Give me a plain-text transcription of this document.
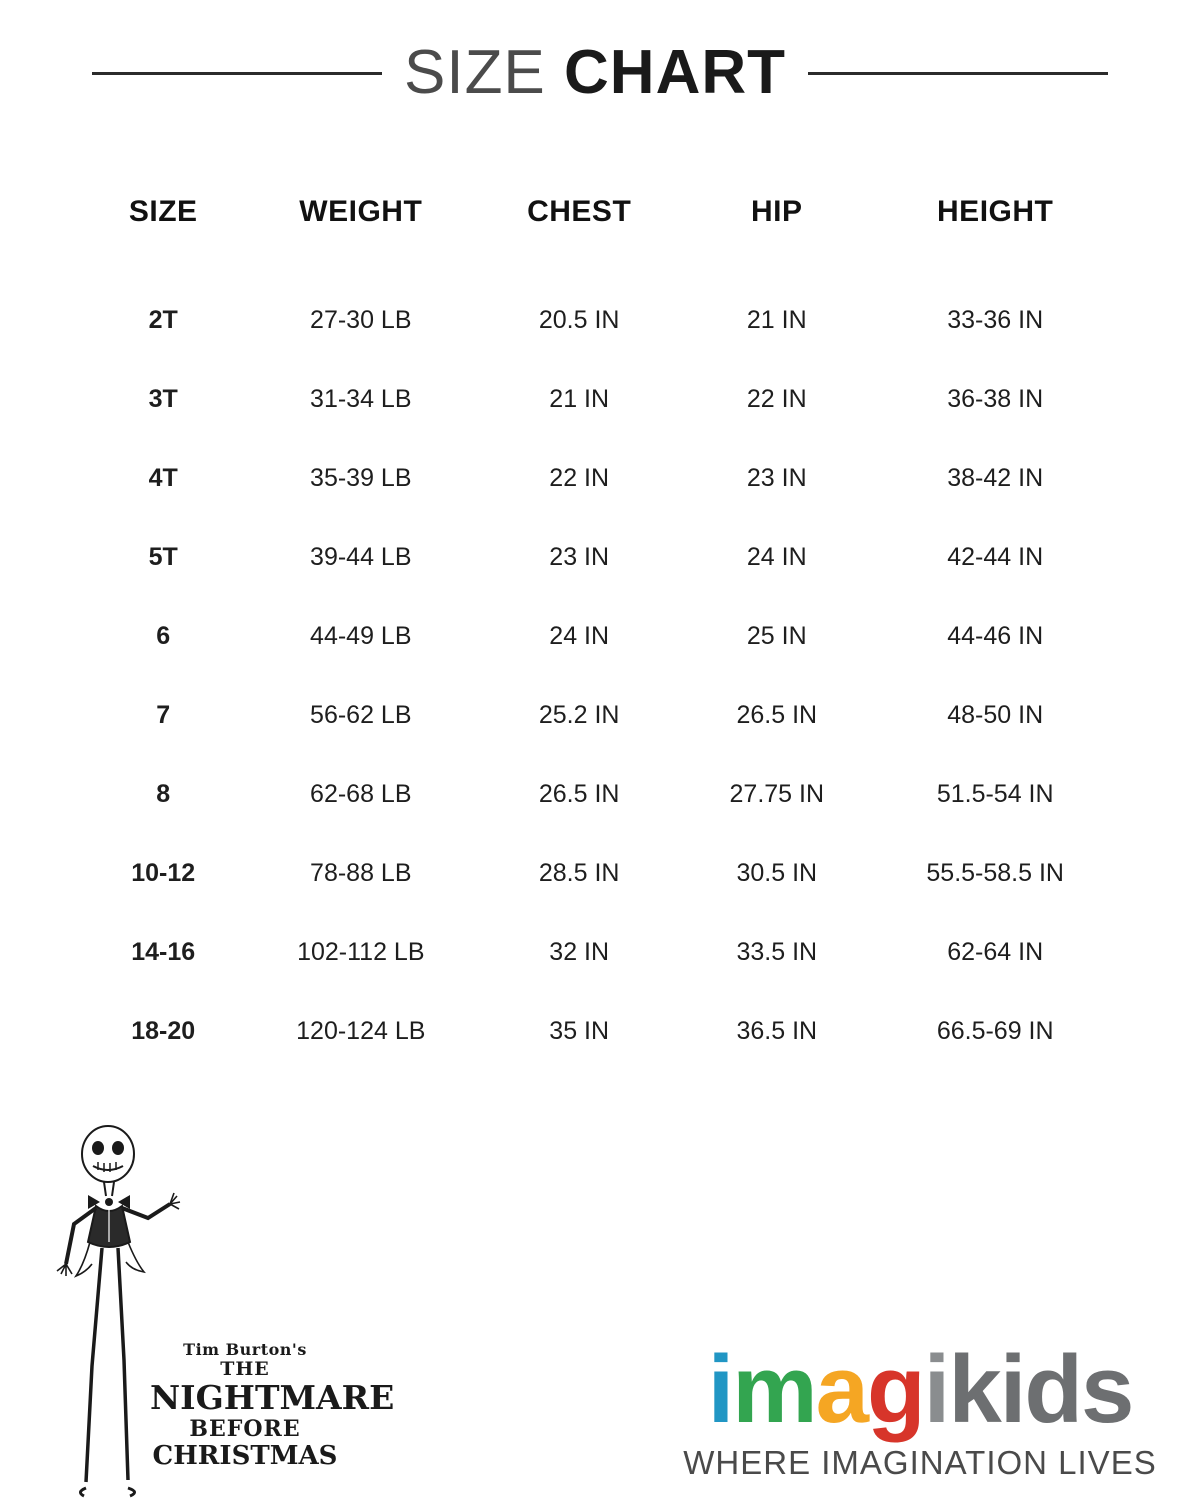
SIZE CHART
SIZE	WEIGHT	CHEST	HIP	HEIGHT
2T	27-30 LB	20.5 IN	21 IN	33-36 IN
3T	31-34 LB	21 IN	22 IN	36-38 IN
4T	35-39 LB	22 IN	23 IN	38-42 IN
5T	39-44 LB	23 IN	24 IN	42-44 IN
6	44-49 LB	24 IN	25 IN	44-46 IN
7	56-62 LB	25.2 IN	26.5 IN	48-50 IN
8	62-68 LB	26.5 IN	27.75 IN	51.5-54 IN
10-12	78-88 LB	28.5 IN	30.5 IN	55.5-58.5 IN
14-16	102-112 LB	32 IN	33.5 IN	62-64 IN
18-20	120-124 LB	35 IN	36.5 IN	66.5-69 IN
Tim Burton's
THE
NIGHTMARE
BEFORE
CHRISTMAS
imagikids
WHERE IMAGINATION LIVES
